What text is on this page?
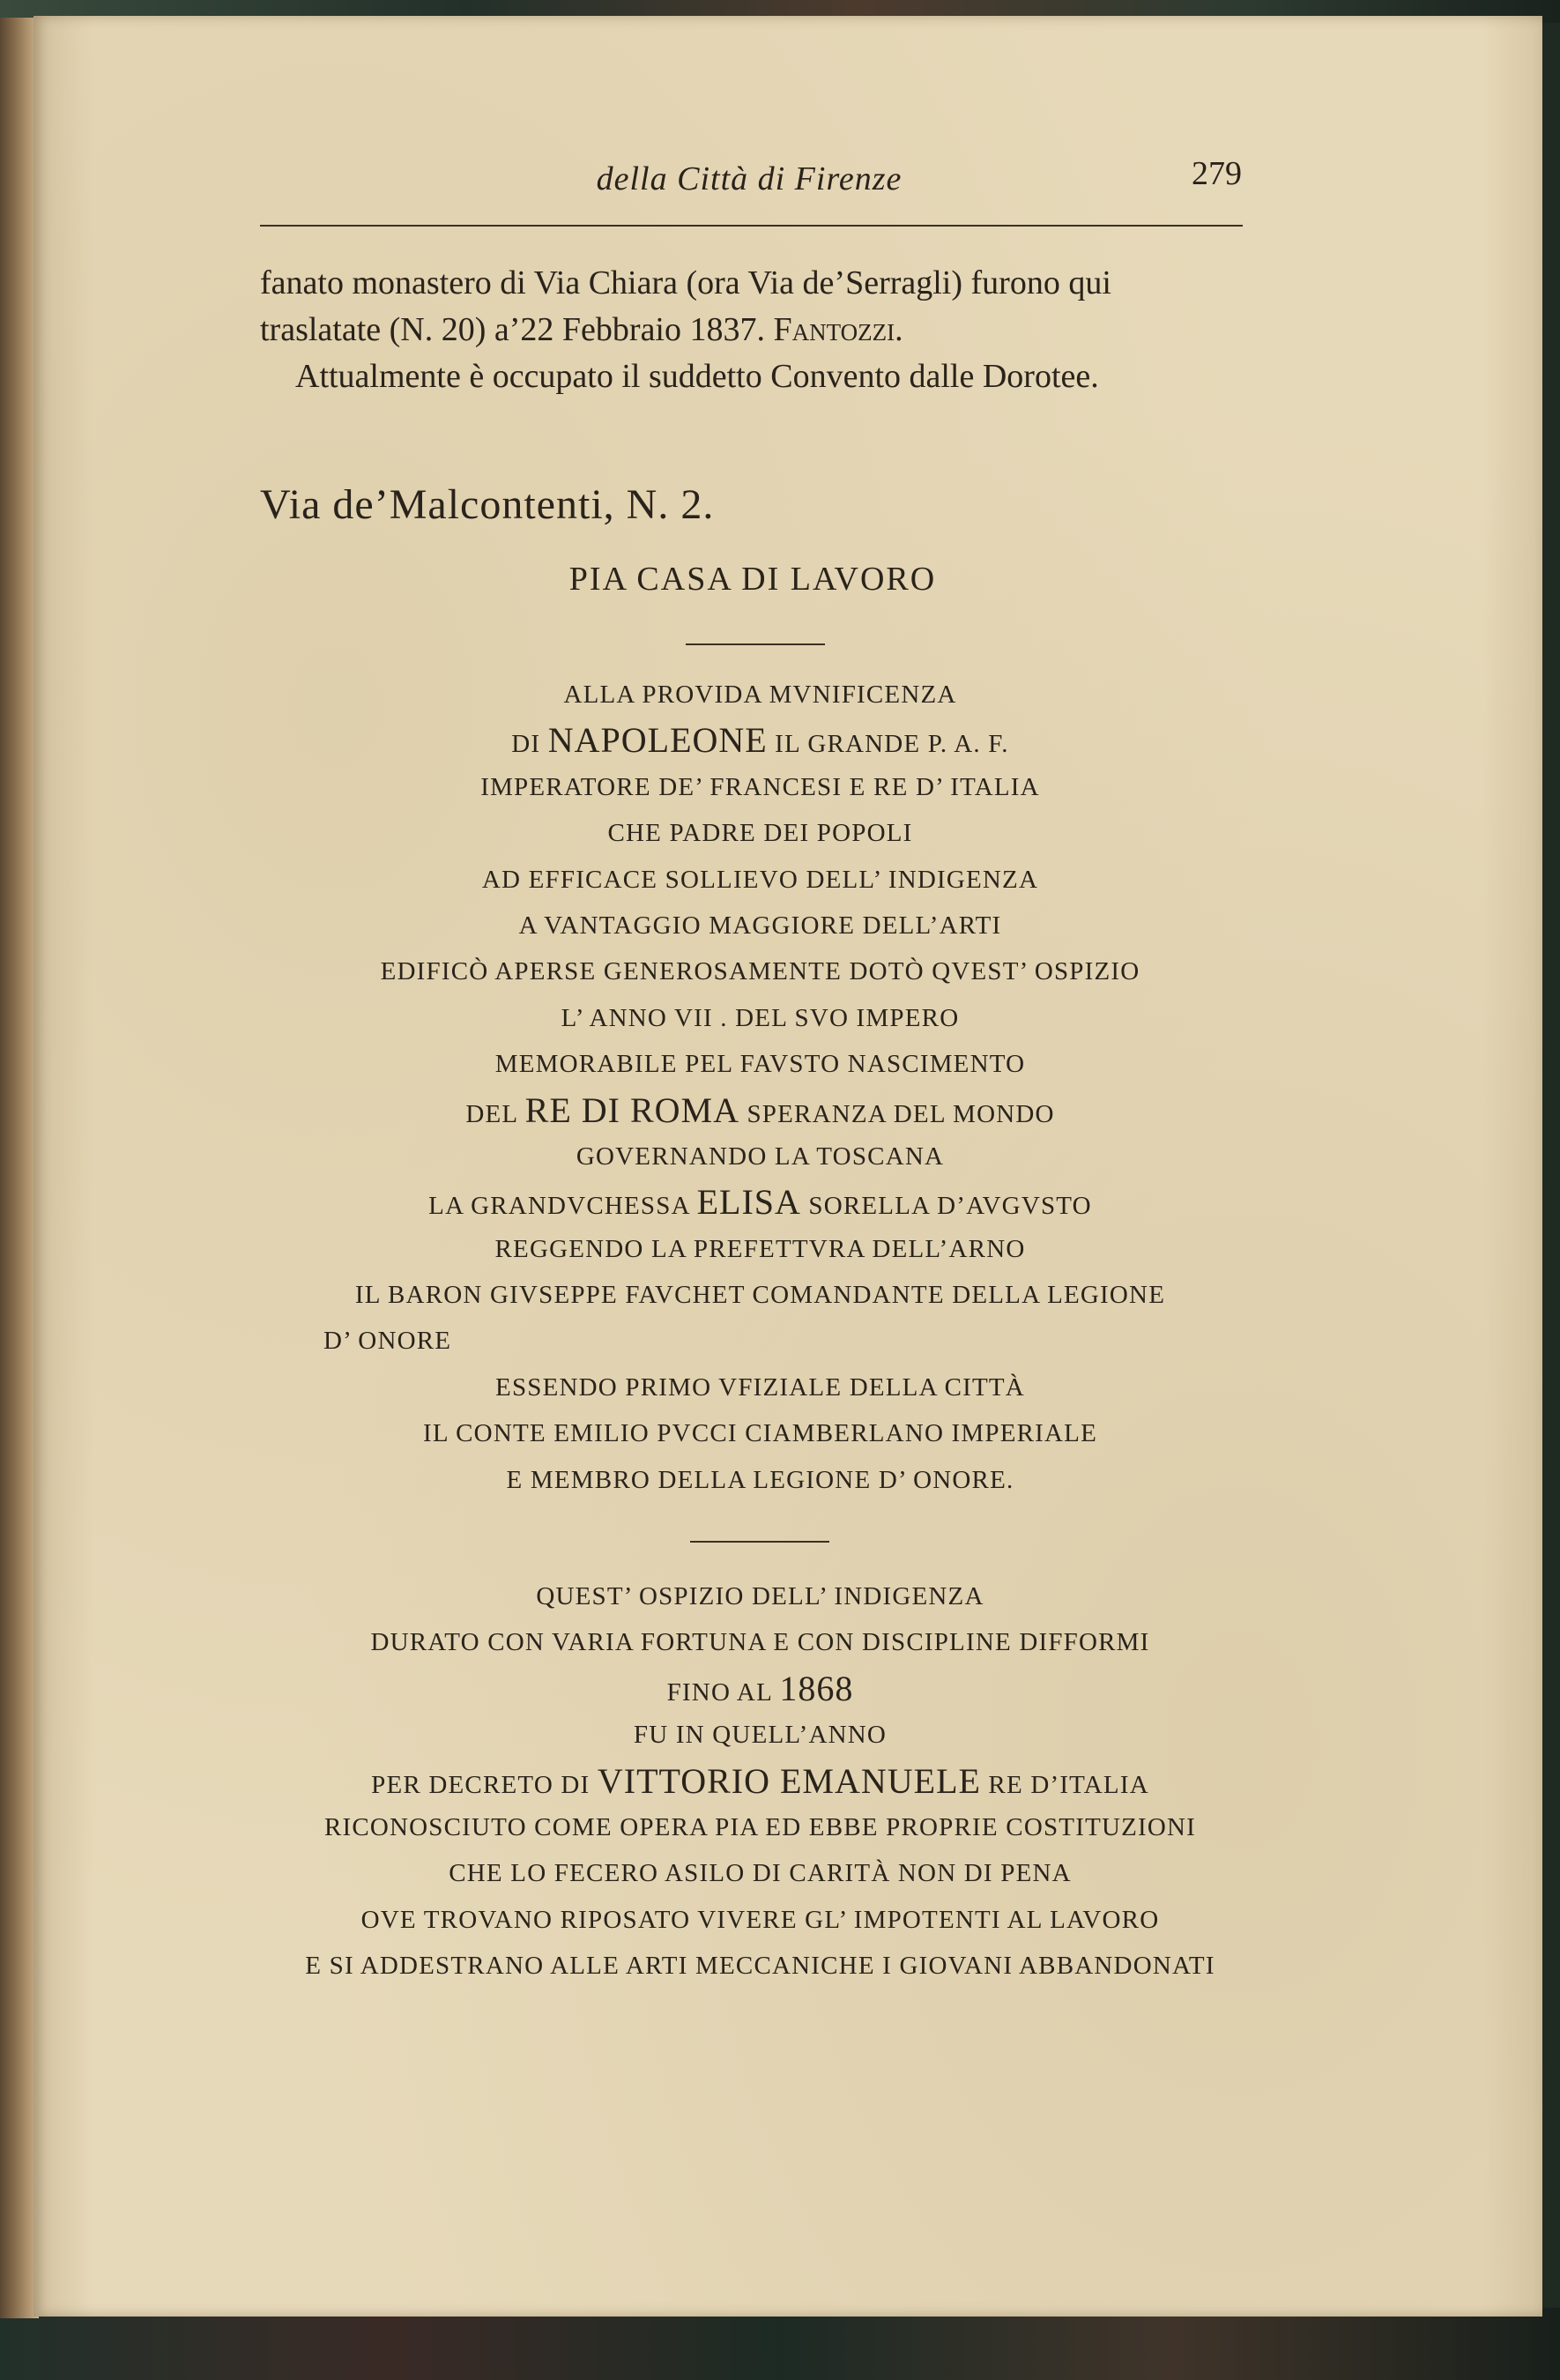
della Città di Firenze	279

fanato monastero di Via Chiara (ora Via de’Serragli) furono qui

traslatate (N. 20) a’22 Febbraio 1837. Fantozzi.

Attualmente è occupato il suddetto Convento dalle Dorotee.

Via de’Malcontenti, N. 2.
PIA CASA DI LAVORO
ALLA PROVIDA MVNIFICENZA
DI NAPOLEONE IL GRANDE P. A. F.
IMPERATORE DE’ FRANCESI E RE D’ ITALIA
CHE PADRE DEI POPOLI
AD EFFICACE SOLLIEVO DELL’ INDIGENZA
A VANTAGGIO MAGGIORE DELL’ARTI
EDIFICÒ APERSE GENEROSAMENTE DOTÒ QVEST’ OSPIZIO
L’ ANNO VII . DEL SVO IMPERO
MEMORABILE PEL FAVSTO NASCIMENTO
DEL RE DI ROMA SPERANZA DEL MONDO
GOVERNANDO LA TOSCANA
LA GRANDVCHESSA ELISA SORELLA D’AVGVSTO
REGGENDO LA PREFETTVRA DELL’ARNO
IL BARON GIVSEPPE FAVCHET COMANDANTE DELLA LEGIONE
D’ ONORE
ESSENDO PRIMO VFIZIALE DELLA CITTÀ
IL CONTE EMILIO PVCCI CIAMBERLANO IMPERIALE
E MEMBRO DELLA LEGIONE D’ ONORE.
QUEST’ OSPIZIO DELL’ INDIGENZA
DURATO CON VARIA FORTUNA E CON DISCIPLINE DIFFORMI
FINO AL 1868
FU IN QUELL’ANNO
PER DECRETO DI VITTORIO EMANUELE RE D’ITALIA
RICONOSCIUTO COME OPERA PIA ED EBBE PROPRIE COSTITUZIONI
CHE LO FECERO ASILO DI CARITÀ NON DI PENA
OVE TROVANO RIPOSATO VIVERE GL’ IMPOTENTI AL LAVORO
E SI ADDESTRANO ALLE ARTI MECCANICHE I GIOVANI ABBANDONATI
